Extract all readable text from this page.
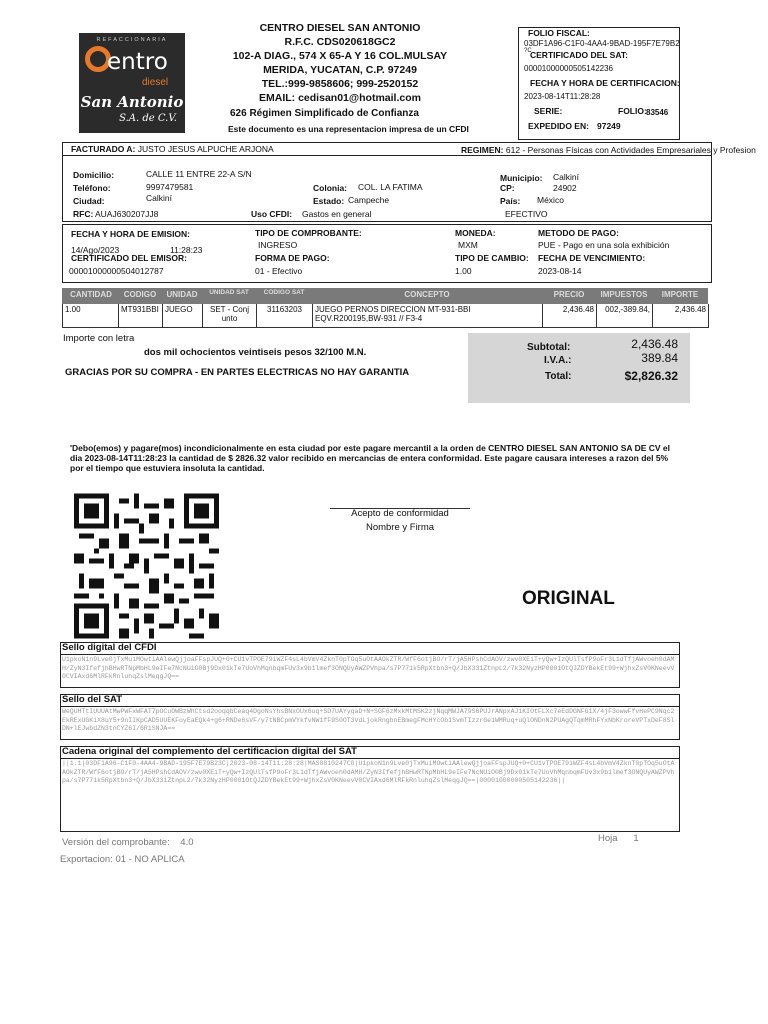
REFACCIONARIA
entro
diesel
San Antonio
S.A. de C.V.
CENTRO DIESEL SAN ANTONIO
R.F.C. CDS020618GC2
102-A DIAG., 574 X 65-A Y 16 COL.MULSAY
MERIDA, YUCATAN, C.P. 97249
TEL.:999-9858606; 999-2520152
EMAIL: cedisan01@hotmail.com
626 Régimen Simplificado de Confianza
Este documento es una representacion impresa de un CFDI
FOLIO FISCAL:
03DF1A96-C1F0-4AA4-9BAD-195F7E79B2
?C
CERTIFICADO DEL SAT:
00001000000505142236
FECHA Y HORA DE CERTIFICACION:
2023-08-14T11:28:28
SERIE:	FOLIO: 83546
EXPEDIDO EN: 97249
FACTURADO A: JUSTO JESUS ALPUCHE ARJONA	REGIMEN: 612 - Personas Físicas con Actividades Empresariales y Profesion
Domicilio:	CALLE 11 ENTRE 22-A S/N	Municipio: Calkiní
Teléfono:	9997479581	Colonia: COL. LA FATIMA	CP:	24902
Ciudad:	Calkiní	Estado: Campeche	País: México
RFC: AUAJ630207JJ8	Uso CFDI: Gastos en general	EFECTIVO
FECHA Y HORA DE EMISION:
14/Ago/2023	11:28:23
CERTIFICADO DEL EMISOR:
00001000000504012787
TIPO DE COMPROBANTE:
INGRESO
FORMA DE PAGO:
01 - Efectivo
MONEDA:
MXM
TIPO DE CAMBIO:
1.00
METODO DE PAGO:
PUE - Pago en una sola exhibición
FECHA DE VENCIMIENTO:
2023-08-14
CANTIDAD	CODIGO	UNIDAD	UNIDAD SAT	CODIGO SAT	CONCEPTO	PRECIO	IMPUESTOS	IMPORTE
1.00	MT931BBI JUEGO	SET - Conj
unto
31163203	JUEGO PERNOS DIRECCION MT-931-BBI
EQV.R200195,BW-931 // F3-4
2,436.48	002,-389.84,	2,436.48
Importe con letra
dos mil ochocientos veintiseis pesos 32/100 M.N.
GRACIAS POR SU COMPRA - EN PARTES ELECTRICAS NO HAY GARANTIA
Subtotal:	2,436.48
I.V.A.:	389.84
Total:	$2,826.32
'Debo(emos) y pagare(mos) incondicionalmente en esta ciudad por este pagare mercantil a la orden de CENTRO DIESEL SAN ANTONIO SA DE CV el dia 2023-08-14T11:28:23 la cantidad de $ 2826.32 valor recibido en mercancias de entera conformidad. Este pagare causara intereses a razon del 5% por el tiempo que estuviera insoluta la cantidad.
Acepto de conformidad
Nombre y Firma
ORIGINAL
Sello digital del CFDI
U1pkoN1n9Lve0jTxMuiMOwtiAAlewQjjoaFFspJUQ+0+CU1vTPOE79iWZF4sL4bVmV4ZknT0pTOq5uOtAAOkZTR/WfF6otjBO/rT/jA5HPshCdAOV/zwv0XEiT+yQw+IzQUlTsfP9oFr3L1dTfjAWvoeh0dAMH/ZyN3IfefjhBHwRTNpMbHL9eIFe7NcNUiO0Bj9Dx01kTe7UoVhMqnbqmFUv3x9b1lmef3ONQUyAWZPVhpa/s7P771k5RpXtbn3+Q/JbX331ZtnpL2/7k32NyzHP0001OtQJZDYBekEt99+WjhxZsV0KNeevV0CVIAxd6MlRFkRnluhqZslMeqgJQ==
Sello del SAT
WeQUHTtIUUUAtMwPWFxWFAT7pOCuOWBzWhCtsd2ooqqbCeaq4DgoNsYhsBNxOUx6uq+SD7UAYyqaD+N+SGF6zMxkMtMSK2zjNqqMWJA79S6PUJrANpxAJ1KIOtFLXc7eEdDGNFG1X/4jF3owwFfvHePC9Nqc2EkRExUGKiX8uY5+9nIIKpCAD5UUEKFoyEaEQk4+g6+RNDe6sVF/y7tNBCpmVYkfvNW1fF9S0OT3VdLjokRngbnEBmegFMcHYcOb1SvmTIzzrGe1WMRuq+uQlONDnN2PUAgQTqmMRhFYxNbKroreVPTxDeF8SlDN+lEJwbdZN3tnCYZ6I/6RiSNJA==
Cadena original del complemento del certificacion digital del SAT
||1.1|03DF1A96-C1F0-4AA4-9BAD-195F7E79B23C|2023-08-14T11:28:28|MAS0810247C0|U1pkoN1n9Lve0jTxMuiMOwtiAAlewQjjoaFFspJUQ+0+CU1vTPOE79iWZF4sL4bVmV4ZknT0pTOq5uOtAAOkZTR/WfF6otjBO/rT/jA5HPshCdAOV/zwv0XEiT+yQw+IzQUlTsfP9oFr3L1dTfjAWvoeh0dAMH/ZyN3IfefjhBHwRTNpMbHL9eIFe7NcNUiO0Bj9Dx01kTe7UoVhMqnbqmFUv3x9b1lmef3ONQUyAWZPVhpa/s7P771k5RpXtbn3+Q/JbX331ZtnpL2/7k32NyzHP0001OtQJZDYBekEt99+WjhxZsV0KNeevV0CVIAxd6MlRFkRnluhqZslMeqgJQ==|00001000000505142236||
Versión del comprobante:    4.0	Hoja      1
Exportacion: 01 - NO APLICA
